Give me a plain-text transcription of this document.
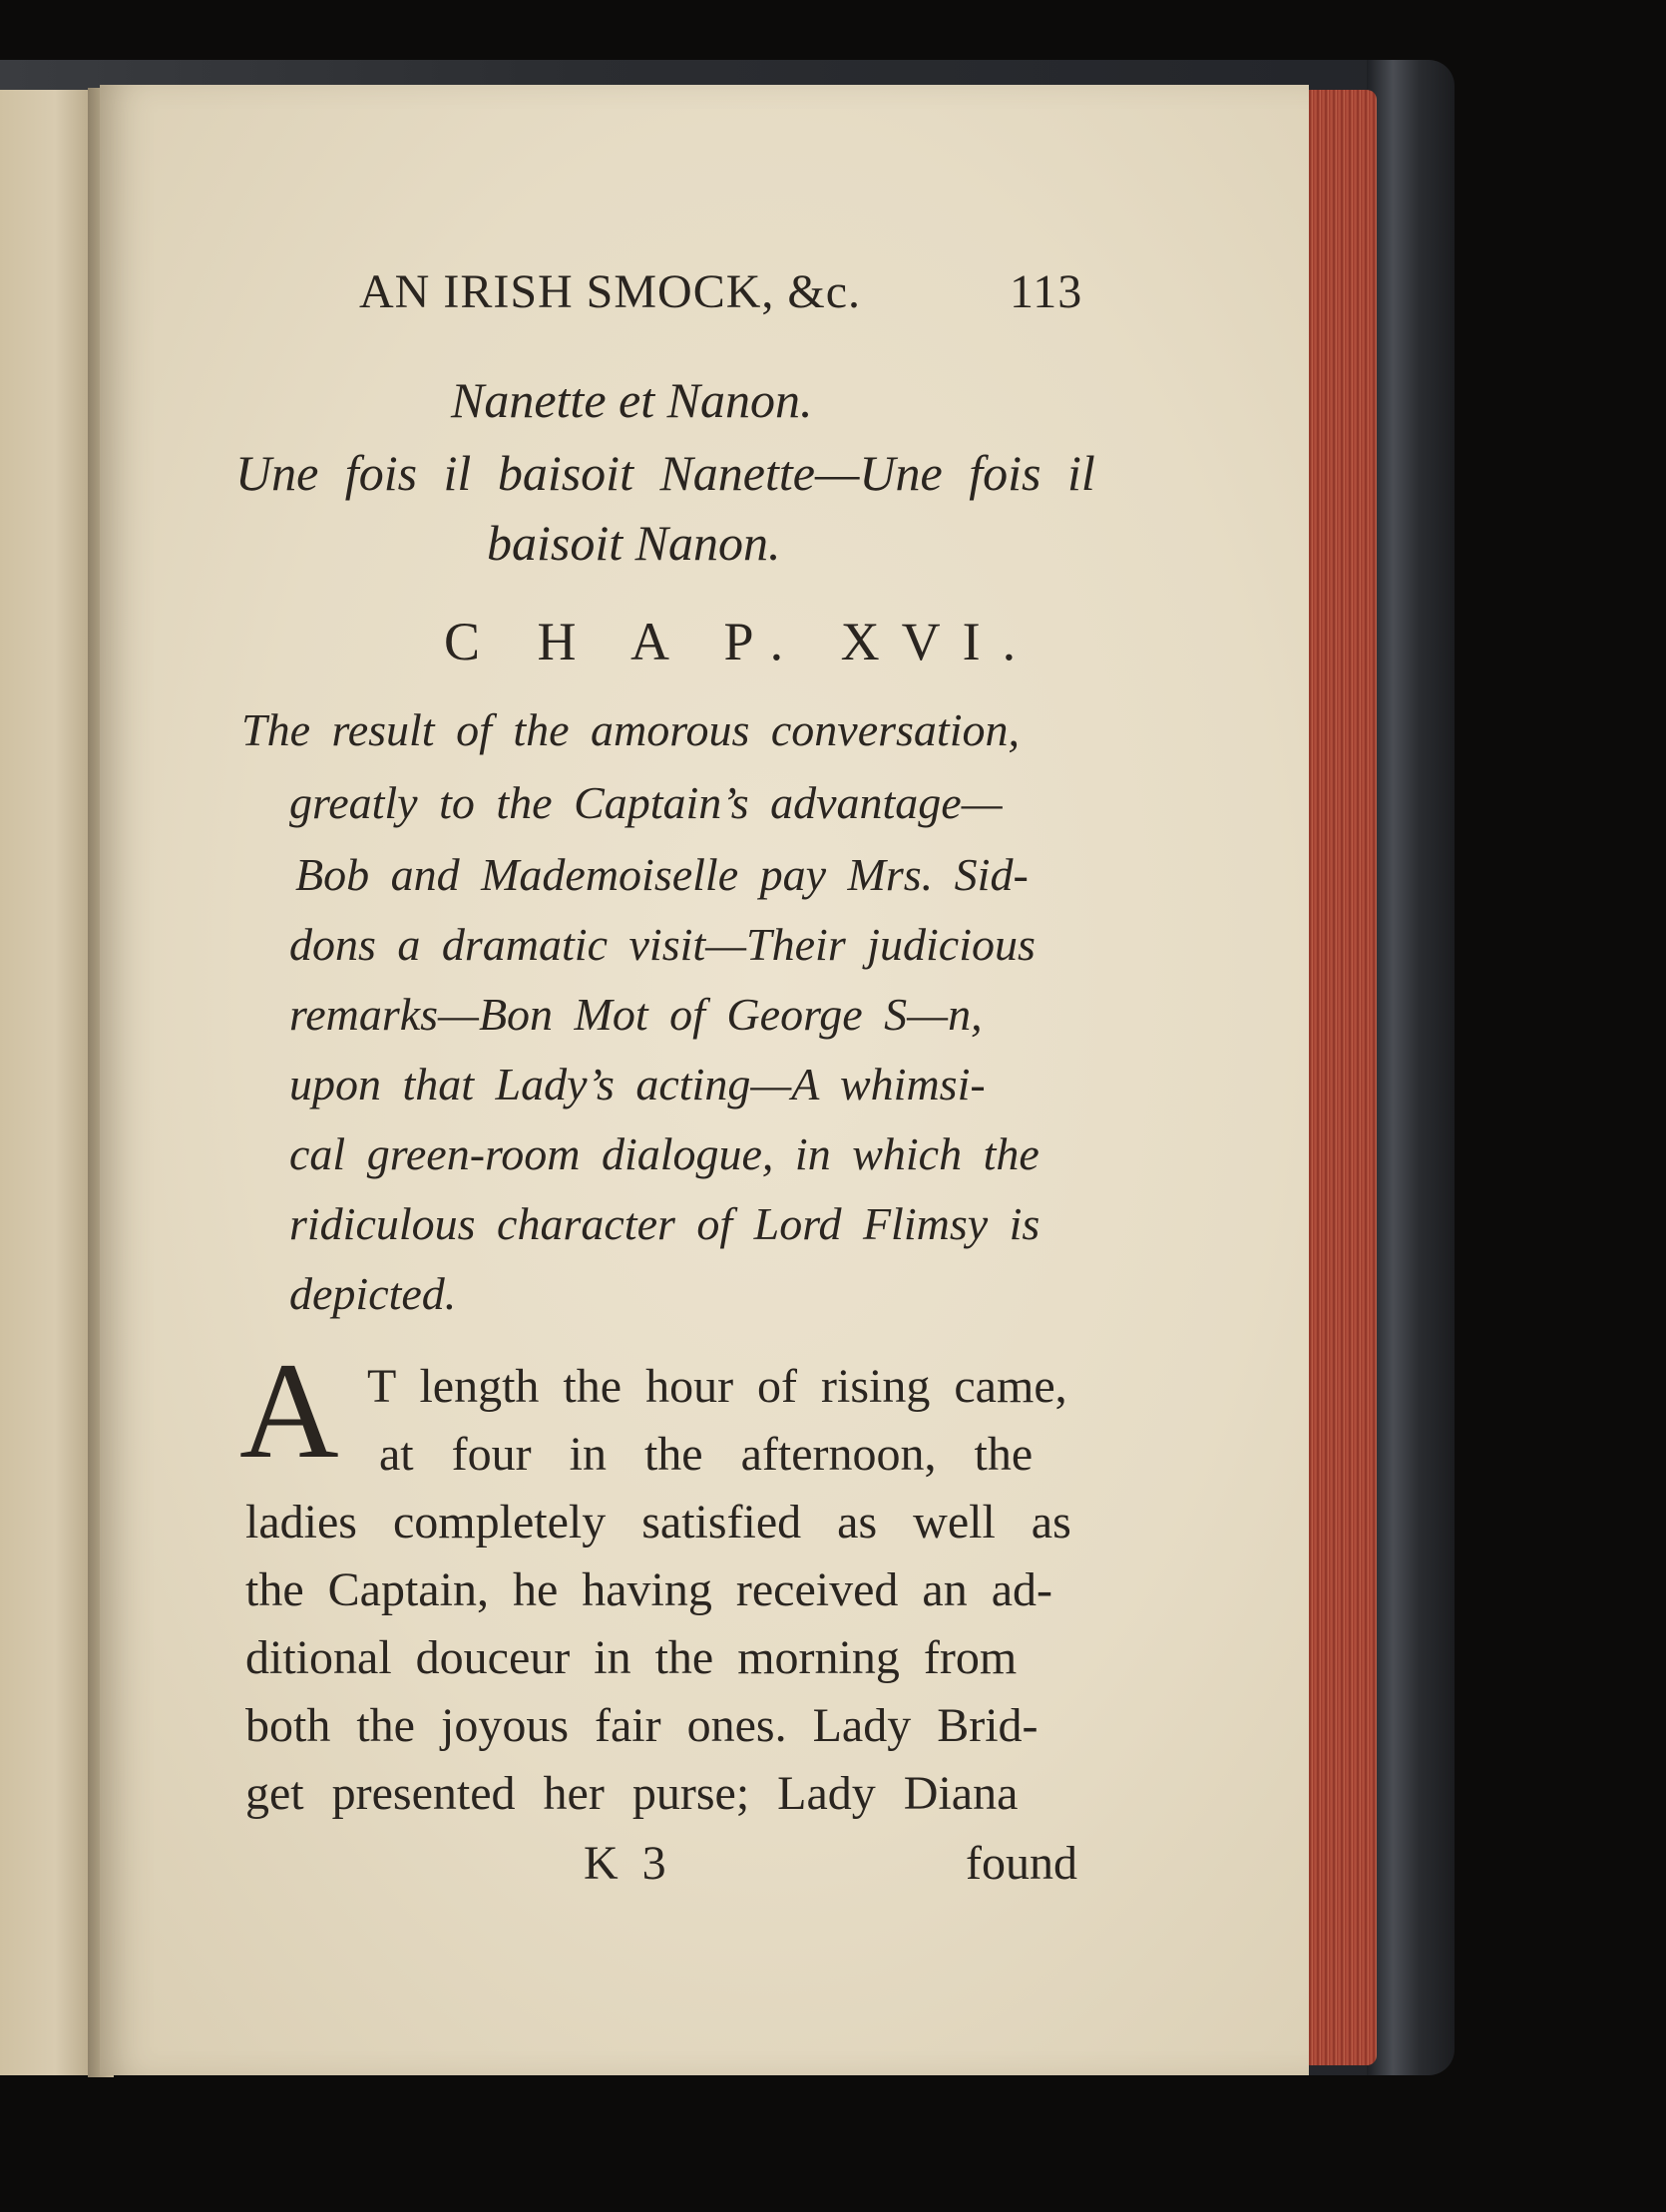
AN IRISH SMOCK, &c.	113

Nanette et Nanon.

Une fois il baisoit Nanette—Une fois il

baisoit Nanon.

C H A P. XVI.

The result of the amorous conversation,

greatly to the Captain’s advantage—

Bob and Mademoiselle pay Mrs. Sid-

dons a dramatic visit—Their judicious

remarks—Bon Mot of George S—n,

upon that Lady’s acting—A whimsi-

cal green-room dialogue, in which the

ridiculous character of Lord Flimsy is

depicted.

A T length the hour of rising came,

at four in the afternoon, the

ladies completely satisfied as well as

the Captain, he having received an ad-

ditional douceur in the morning from

both the joyous fair ones. Lady Brid-

get presented her purse; Lady Diana

K 3	found
